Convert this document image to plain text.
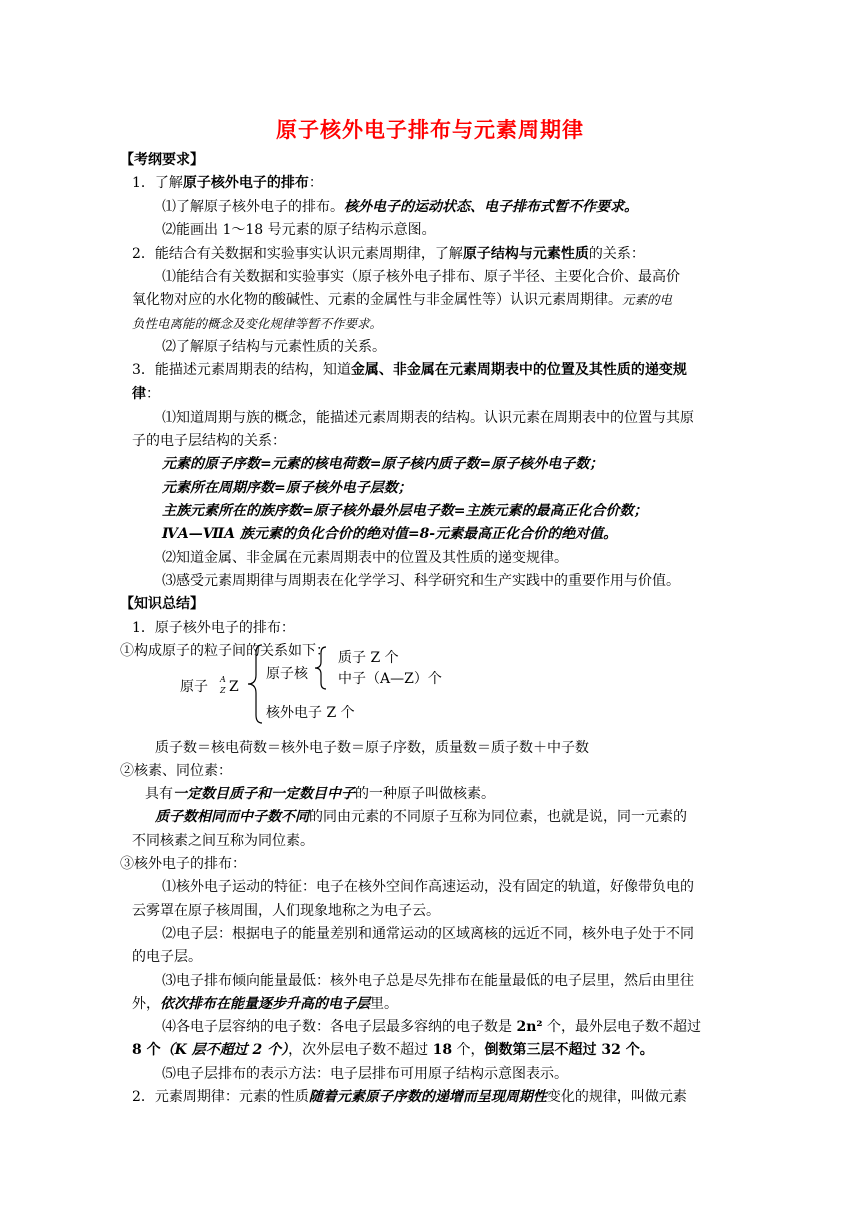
原子核外电子排布与元素周期律
【考纲要求】
1．了解原子核外电子的排布：
⑴了解原子核外电子的排布。核外电子的运动状态、电子排布式暂不作要求。
⑵能画出 1～18 号元素的原子结构示意图。
2．能结合有关数据和实验事实认识元素周期律，了解原子结构与元素性质的关系：
⑴能结合有关数据和实验事实（原子核外电子排布、原子半径、主要化合价、最高价
氧化物对应的水化物的酸碱性、元素的金属性与非金属性等）认识元素周期律。元素的电
负性电离能的概念及变化规律等暂不作要求。
⑵了解原子结构与元素性质的关系。
3．能描述元素周期表的结构，知道金属、非金属在元素周期表中的位置及其性质的递变规
律：
⑴知道周期与族的概念，能描述元素周期表的结构。认识元素在周期表中的位置与其原
子的电子层结构的关系：
元素的原子序数=元素的核电荷数=原子核内质子数=原子核外电子数；
元素所在周期序数=原子核外电子层数；
主族元素所在的族序数=原子核外最外层电子数=主族元素的最高正化合价数；
ⅣA—ⅦA 族元素的负化合价的绝对值=8-元素最高正化合价的绝对值。
⑵知道金属、非金属在元素周期表中的位置及其性质的递变规律。
⑶感受元素周期律与周期表在化学学习、科学研究和生产实践中的重要作用与价值。
【知识总结】
1．原子核外电子的排布：
①构成原子的粒子间的关系如下：
原子 A
Z Z
原子核
质子 Z 个
中子（A—Z）个
核外电子 Z 个
质子数＝核电荷数＝核外电子数＝原子序数，质量数＝质子数＋中子数
②核素、同位素：
具有一定数目质子和一定数目中子的一种原子叫做核素。
质子数相同而中子数不同的同由元素的不同原子互称为同位素，也就是说，同一元素的
不同核素之间互称为同位素。
③核外电子的排布：
⑴核外电子运动的特征：电子在核外空间作高速运动，没有固定的轨道，好像带负电的
云雾罩在原子核周围，人们现象地称之为电子云。
⑵电子层：根据电子的能量差别和通常运动的区域离核的远近不同，核外电子处于不同
的电子层。
⑶电子排布倾向能量最低：核外电子总是尽先排布在能量最低的电子层里，然后由里往
外，依次排布在能量逐步升高的电子层里。
⑷各电子层容纳的电子数：各电子层最多容纳的电子数是 2n² 个，最外层电子数不超过
8 个（K 层不超过 2 个），次外层电子数不超过 18 个，倒数第三层不超过 32 个。
⑸电子层排布的表示方法：电子层排布可用原子结构示意图表示。
2．元素周期律：元素的性质随着元素原子序数的递增而呈现周期性变化的规律，叫做元素
